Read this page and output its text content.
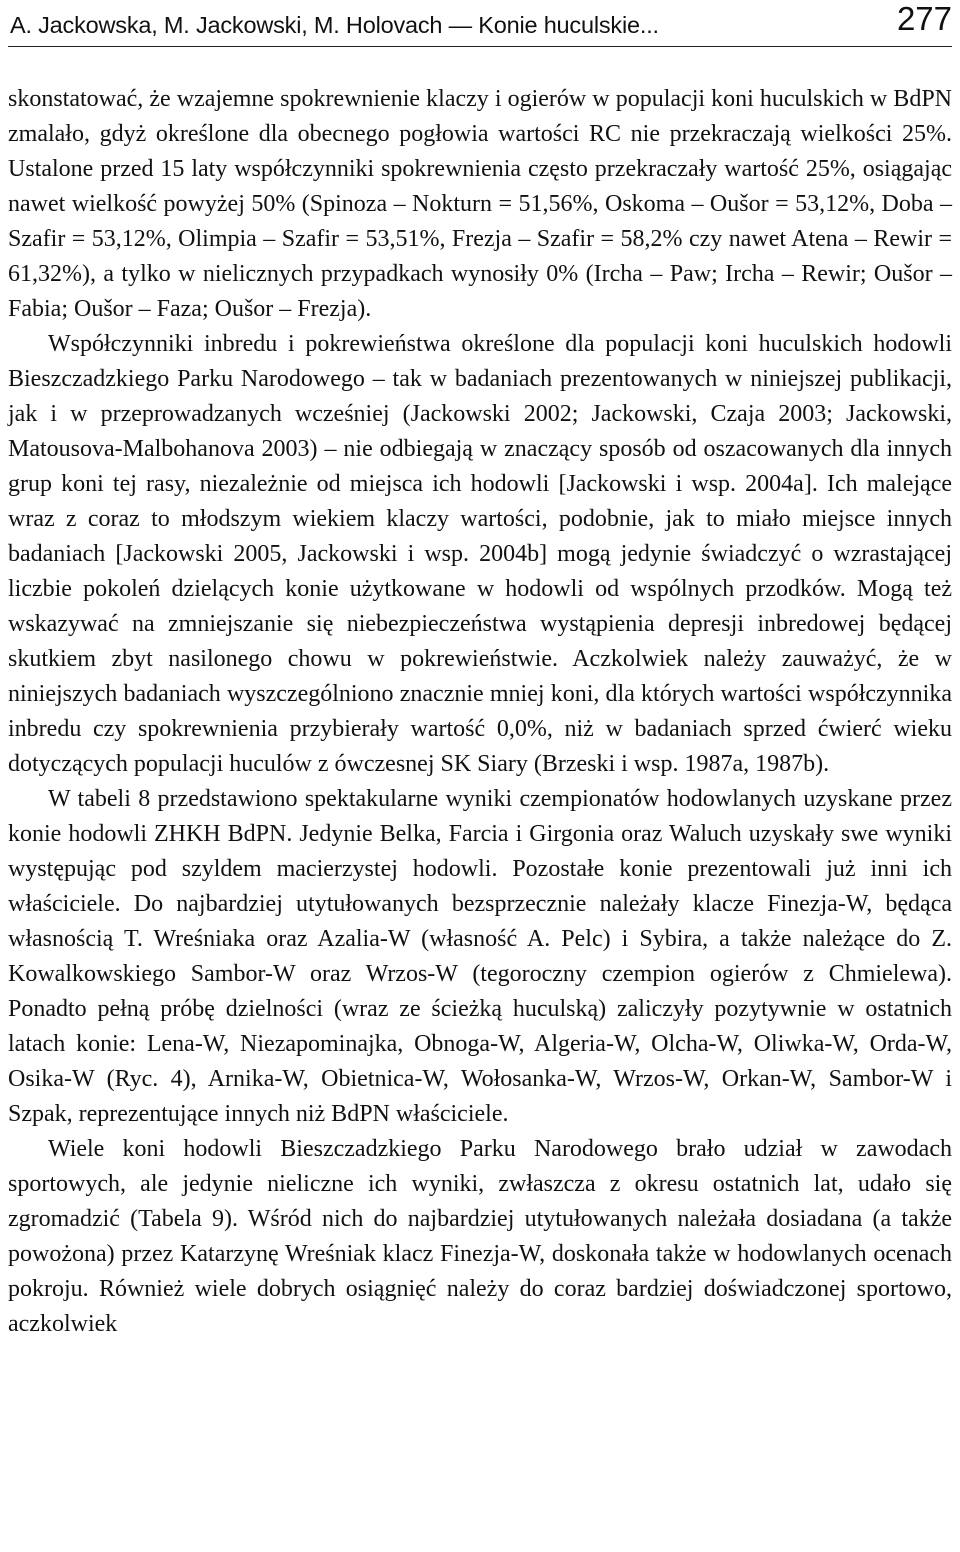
A. Jackowska, M. Jackowski, M. Holovach — Konie huculskie...	277

skonstatować, że wzajemne spokrewnienie klaczy i ogierów w populacji koni huculskich w BdPN zmalało, gdyż określone dla obecnego pogłowia wartości RC nie przekraczają wielkości 25%. Ustalone przed 15 laty współczynniki spokrewnienia często przekraczały wartość 25%, osiągając nawet wielkość powyżej 50% (Spinoza – Nokturn = 51,56%, Oskoma – Oušor = 53,12%, Doba – Szafir = 53,12%, Olimpia – Szafir = 53,51%, Frezja – Szafir = 58,2% czy nawet Atena – Rewir = 61,32%), a tylko w nielicznych przypadkach wynosiły 0% (Ircha – Paw; Ircha – Rewir; Oušor – Fabia; Oušor – Faza; Oušor – Frezja).

Współczynniki inbredu i pokrewieństwa określone dla populacji koni huculskich hodowli Bieszczadzkiego Parku Narodowego – tak w badaniach prezentowanych w niniejszej publikacji, jak i w przeprowadzanych wcześniej (Jackowski 2002; Jackowski, Czaja 2003; Jackowski, Matousova-Malbohanova 2003) – nie odbiegają w znaczący sposób od oszacowanych dla innych grup koni tej rasy, niezależnie od miejsca ich hodowli [Jackowski i wsp. 2004a]. Ich malejące wraz z coraz to młodszym wiekiem klaczy wartości, podobnie, jak to miało miejsce innych badaniach [Jackowski 2005, Jackowski i wsp. 2004b] mogą jedynie świadczyć o wzrastającej liczbie pokoleń dzielących konie użytkowane w hodowli od wspólnych przodków. Mogą też wskazywać na zmniejszanie się niebezpieczeństwa wystąpienia depresji inbredowej będącej skutkiem zbyt nasilonego chowu w pokrewieństwie. Aczkolwiek należy zauważyć, że w niniejszych badaniach wyszczególniono znacznie mniej koni, dla których wartości współczynnika inbredu czy spokrewnienia przybierały wartość 0,0%, niż w badaniach sprzed ćwierć wieku dotyczących populacji huculów z ówczesnej SK Siary (Brzeski i wsp. 1987a, 1987b).

W tabeli 8 przedstawiono spektakularne wyniki czempionatów hodowlanych uzyskane przez konie hodowli ZHKH BdPN. Jedynie Belka, Farcia i Girgonia oraz Waluch uzyskały swe wyniki występując pod szyldem macierzystej hodowli. Pozostałe konie prezentowali już inni ich właściciele. Do najbardziej utytułowanych bezsprzecznie należały klacze Finezja-W, będąca własnością T. Wreśniaka oraz Azalia-W (własność A. Pelc) i Sybira, a także należące do Z. Kowalkowskiego Sambor-W oraz Wrzos-W (tegoroczny czempion ogierów z Chmielewa). Ponadto pełną próbę dzielności (wraz ze ścieżką huculską) zaliczyły pozytywnie w ostatnich latach konie: Lena-W, Niezapominajka, Obnoga-W, Algeria-W, Olcha-W, Oliwka-W, Orda-W, Osika-W (Ryc. 4), Arnika-W, Obietnica-W, Wołosanka-W, Wrzos-W, Orkan-W, Sambor-W i Szpak, reprezentujące innych niż BdPN właściciele.

Wiele koni hodowli Bieszczadzkiego Parku Narodowego brało udział w zawodach sportowych, ale jedynie nieliczne ich wyniki, zwłaszcza z okresu ostatnich lat, udało się zgromadzić (Tabela 9). Wśród nich do najbardziej utytułowanych należała dosiadana (a także powożona) przez Katarzynę Wreśniak klacz Finezja-W, doskonała także w hodowlanych ocenach pokroju. Również wiele dobrych osiągnięć należy do coraz bardziej doświadczonej sportowo, aczkolwiek
